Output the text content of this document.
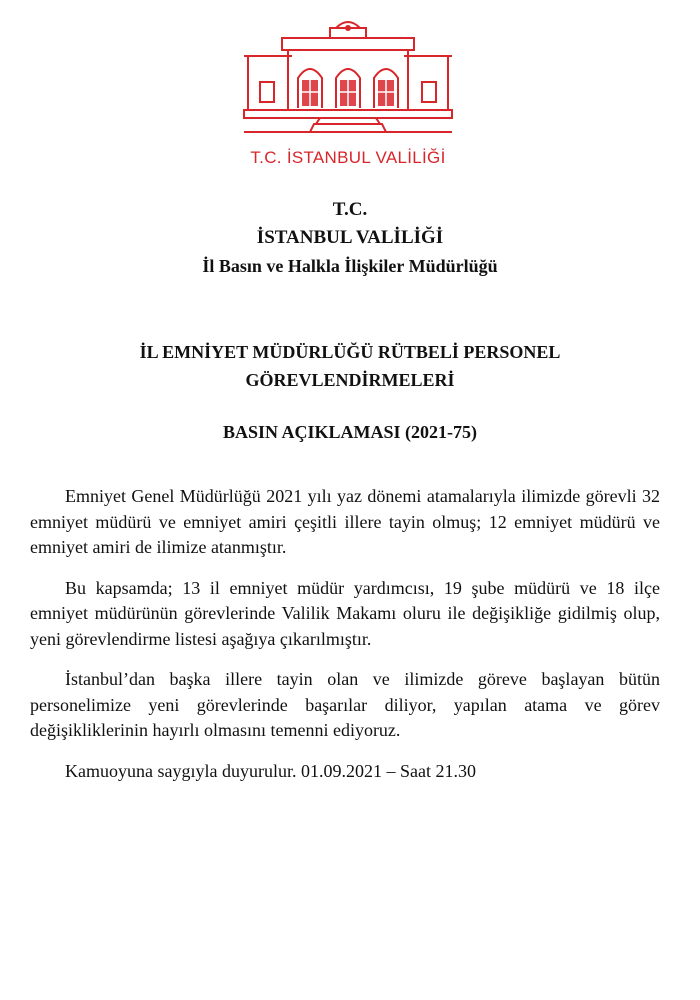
T.C. İSTANBUL VALİLİĞİ
T.C.
İSTANBUL VALİLİĞİ
İl Basın ve Halkla İlişkiler Müdürlüğü
İL EMNİYET MÜDÜRLÜĞÜ RÜTBELİ PERSONEL
GÖREVLENDİRMELERİ
BASIN AÇIKLAMASI (2021-75)

Emniyet Genel Müdürlüğü 2021 yılı yaz dönemi atamalarıyla ilimizde görevli 32 emniyet müdürü ve emniyet amiri çeşitli illere tayin olmuş; 12 emniyet müdürü ve emniyet amiri de ilimize atanmıştır.

Bu kapsamda; 13 il emniyet müdür yardımcısı, 19 şube müdürü ve 18 ilçe emniyet müdürünün görevlerinde Valilik Makamı oluru ile değişikliğe gidilmiş olup, yeni görevlendirme listesi aşağıya çıkarılmıştır.

İstanbul’dan başka illere tayin olan ve ilimizde göreve başlayan bütün personelimize yeni görevlerinde başarılar diliyor, yapılan atama ve görev değişikliklerinin hayırlı olmasını temenni ediyoruz.

Kamuoyuna saygıyla duyurulur. 01.09.2021 – Saat 21.30
